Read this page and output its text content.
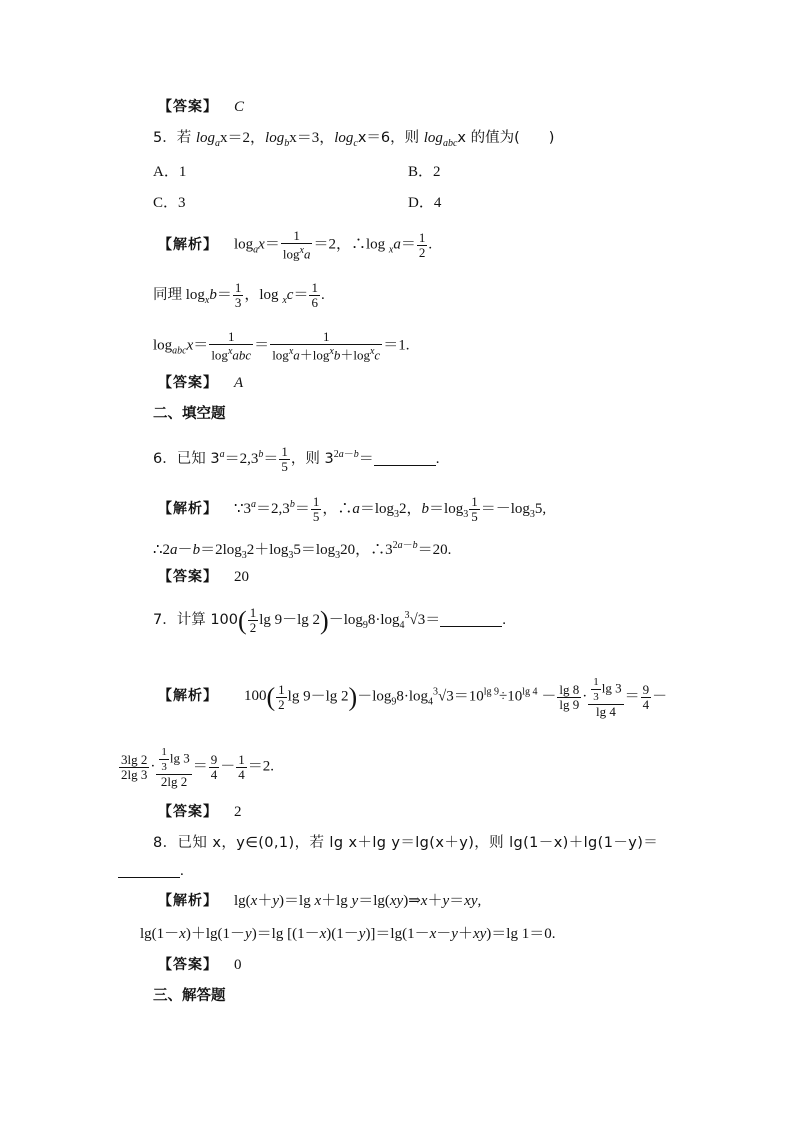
【答案】 C
5．若 $\log_ax=2$，$\log_bx=3$，$\log_cx=6$，则 $\log_{abc}x$ 的值为(　　)
A．1	B．2
C．3	D．4
【解析】 $\log_ax= \frac{1}{\log^xa} =2$，∴log $_xa= \frac{1}{2}$ .
同理 $\log_xb= \frac{1}{3}$ ，$\log _xc= \frac{1}{6}$ .
$\log_{abc}x= \frac{1}{\log^xabc} = \frac{1}{\log^xa+\log^xb+\log^xc} =1$.
【答案】 A
二、填空题
6．已知 $3^a=2,3^b= \frac{1}{5}$ ，则 $3^{2a-b}=$	.
【解析】 $\because 3^a=2,3^b= \frac{1}{5}$ ，$\therefore a=\log_32$，$b=\log_3 \frac{1}{5} =-\log_35$,
$\therefore 2a-b=2\log_32+\log_35=\log_320$，$\therefore 3^{2a-b}=20$.
【答案】 20
7．计算 $100( \frac{1}{2}$ lg 9－lg $2)-\log_98\cdot\log_4^3√3=$	.
【解析】 $100( \frac{1}{2}$ lg 9－lg $2)-\log_98\cdot\log_4^3√3=10^{lg 9}\div 10^{lg 4} - \frac{\lg 8}{\lg 9} \cdot \frac{\frac{1}{3} \lg 3}{\lg 4} = \frac{9}{4}$ －
$\frac{3\lg 2}{2\lg 3} \cdot \frac{\frac{1}{3} \lg 3}{2\lg 2} = \frac{9}{4} - \frac{1}{4} =2$.
【答案】 2
8．已知 x，y∈(0,1)，若 lg x＋lg y＝lg(x＋y)，则 lg(1－x)＋lg(1－y)＝
.
【解析】 lg(x＋y)＝lg x＋lg y＝lg(xy)⇒x＋y＝xy,
lg(1－x)＋lg(1－y)＝lg [(1－x)(1－y)]＝lg(1－x－y＋xy)＝lg 1＝0.
【答案】 0
三、解答题
